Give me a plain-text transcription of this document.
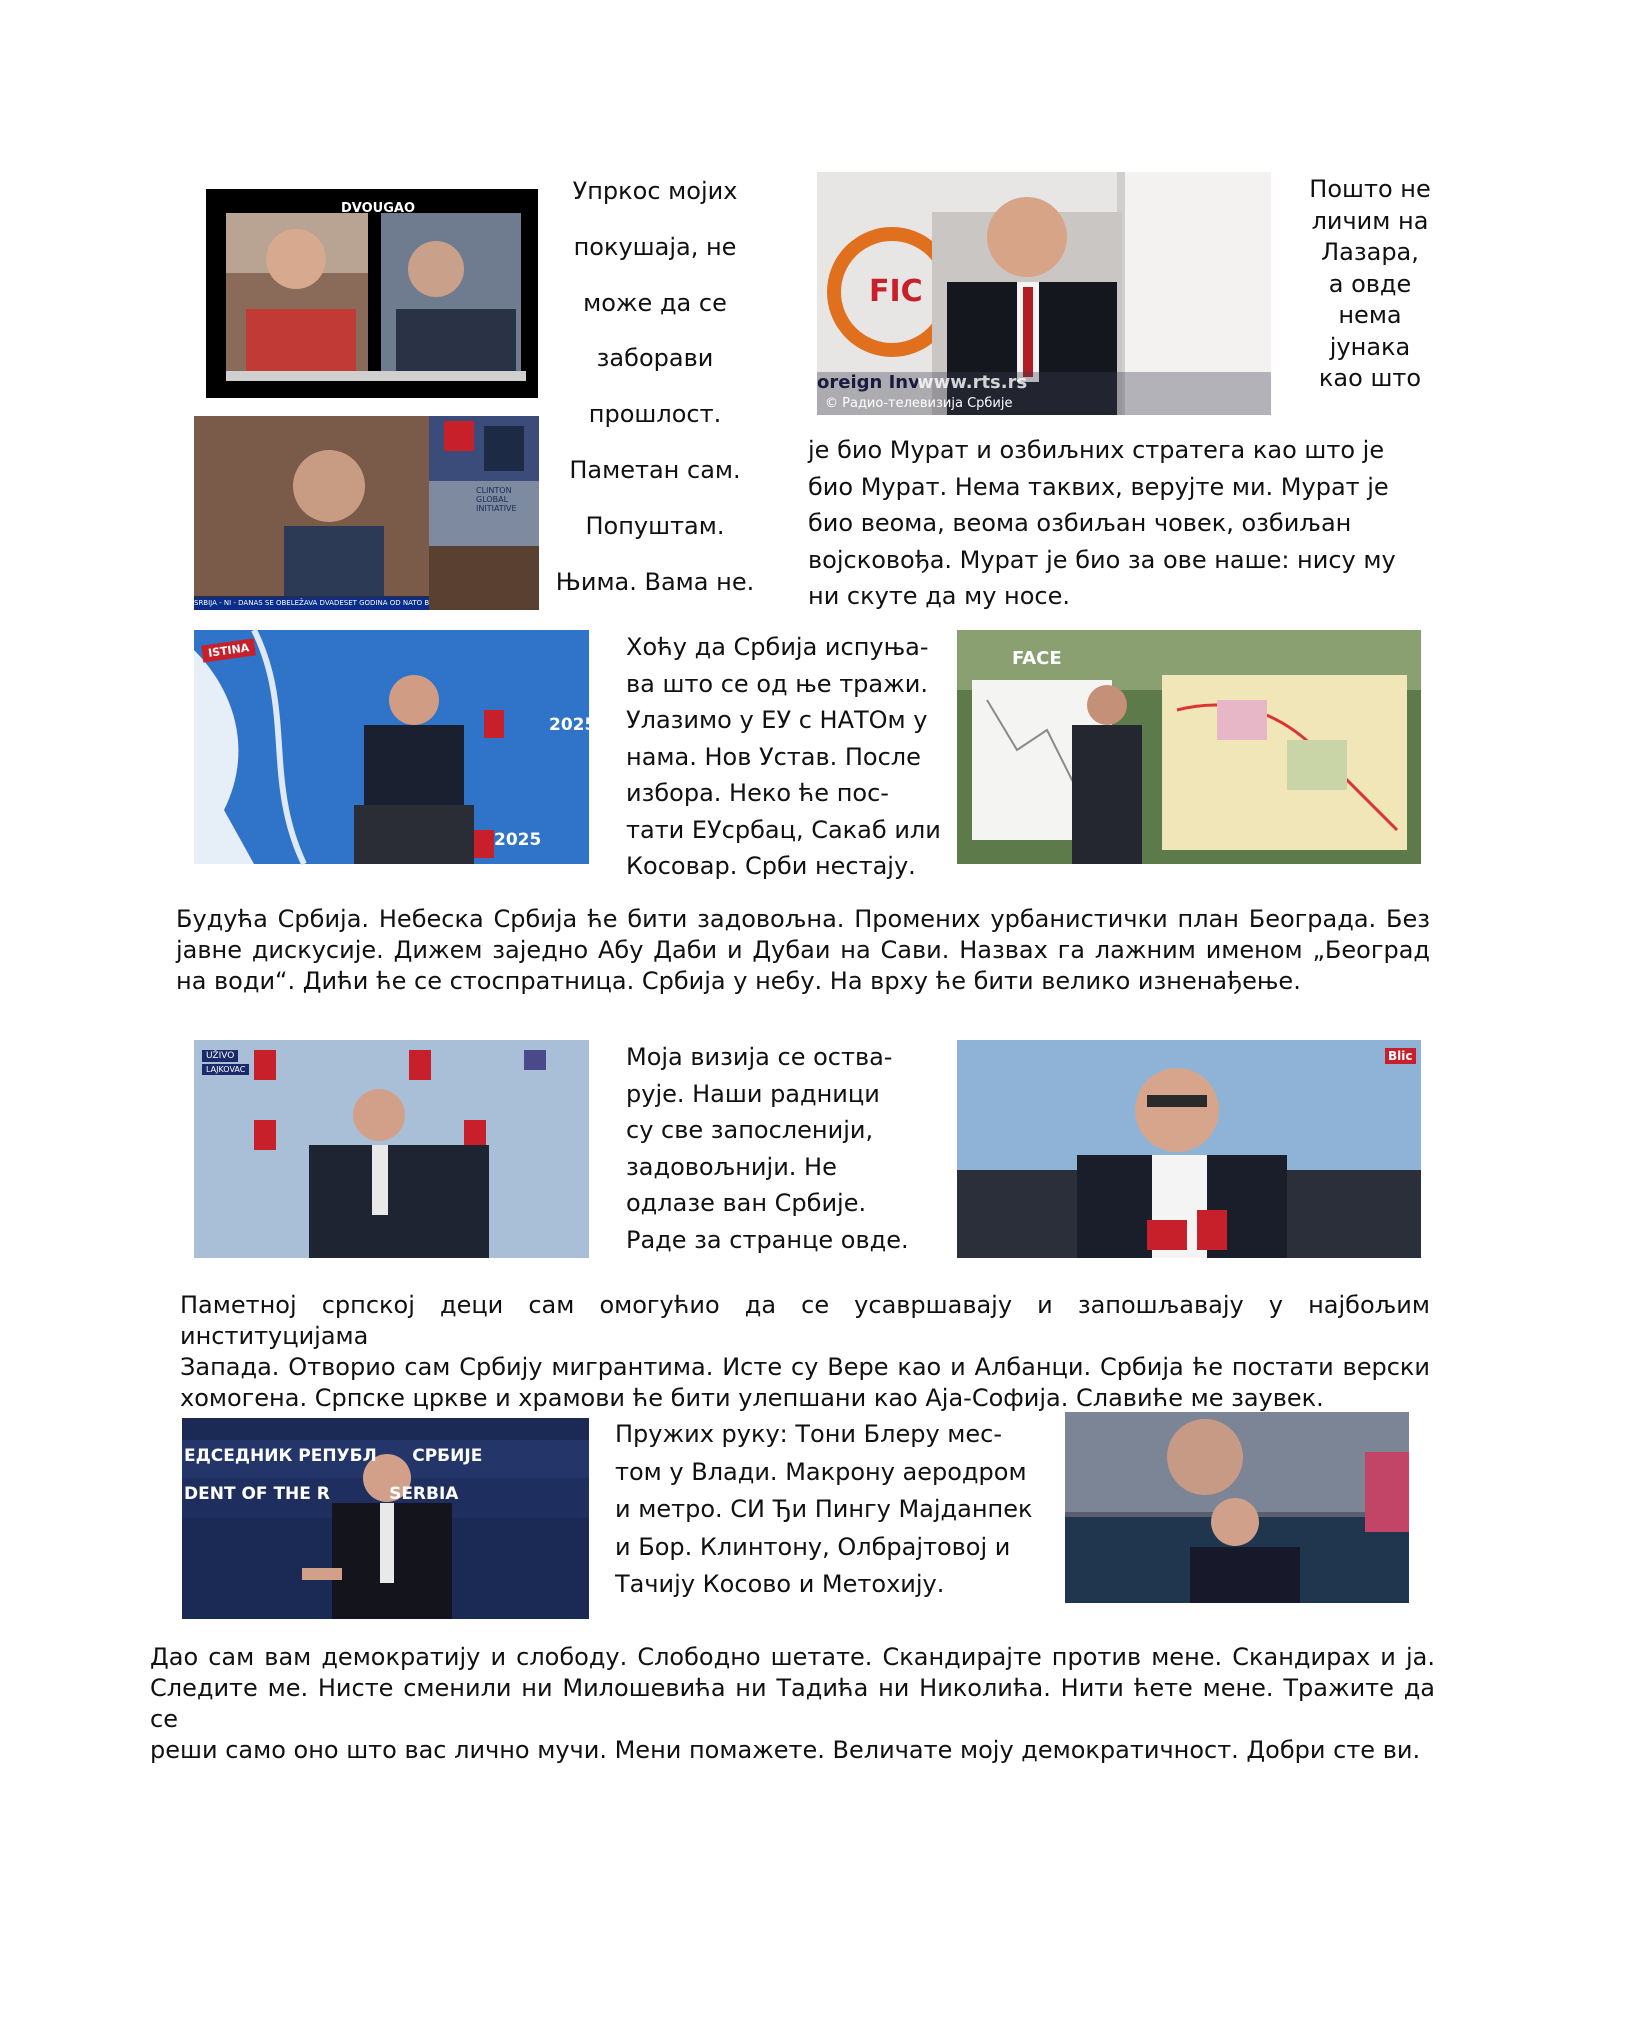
DVOUGAO
CLINTON GLOBAL INITIATIVE
SRBIJA - NI - DANAS SE OBELEŽAVA DVADESET GODINA OD NATO B
Упркос мојих
покушаја, не
може да се
заборави
прошлост.
Паметан сам.
Попуштам.
Њима. Вама не.
FIC
oreign Inv
www.rts.rs
© Радио-телевизија Србије
Пошто не
личим на
Лазара,
а овде
нема
јунака
као што
је био Мурат и озбиљних стратега као што је
био Мурат. Нема таквих, верујте ми. Мурат је
био веома, веома озбиљан човек, озбиљан
војсковођа. Мурат је био за ове наше: нису му
ни скуте да му носе.
ISTINA
2025
2025
Хоћу да Србија испуња-
ва што се од ње тражи.
Улазимо у ЕУ с НАТОм у
нама. Нов Устав. После
избора. Неко ће пос-
тати ЕУсрбац, Сакаб или
Косовар. Срби нестају.
FACE
Будућа Србија. Небеска Србија ће бити задовољна. Промених урбанистички план Београда. Без
јавне дискусије. Дижем заједно Абу Даби и Дубаи на Сави. Назвах га лажним именом „Београд
на води“. Дићи ће се стоспратница. Србија у небу. На врху ће бити велико изненађење.
UŽIVO
LAJKOVAC	Моја визија се оства-
рује. Наши радници
су све запосленији,
задовољнији. Не
одлазе ван Србије.
Раде за странце овде.
Blic
Паметној српској деци сам омогућио да се усавршавају и запошљавају у најбољим институцијама
Запада. Отворио сам Србију мигрантима. Исте су Вере као и Албанци. Србија ће постати верски
хомогена. Српске цркве и храмови ће бити улепшани као Аја-Софија. Славиће ме заувек.
ЕДСЕДНИК РЕПУБЛ      СРБИЈЕ
DENT OF THE R          SERBIA
Пружих руку: Тони Блеру мес-
том у Влади. Макрону аеродром
и метро. СИ Ђи Пингу Мајданпек
и Бор. Клинтону, Олбрајтовој и
Тачију Косово и Метохију.
Дао сам вам демократију и слободу. Слободно шетате. Скандирајте против мене. Скандирах и ја.
Следите ме. Нисте сменили ни Милошевића ни Тадића ни Николића. Нити ћете мене. Тражите да се
реши само оно што вас лично мучи. Мени помажете. Величате моју демократичност. Добри сте ви.
